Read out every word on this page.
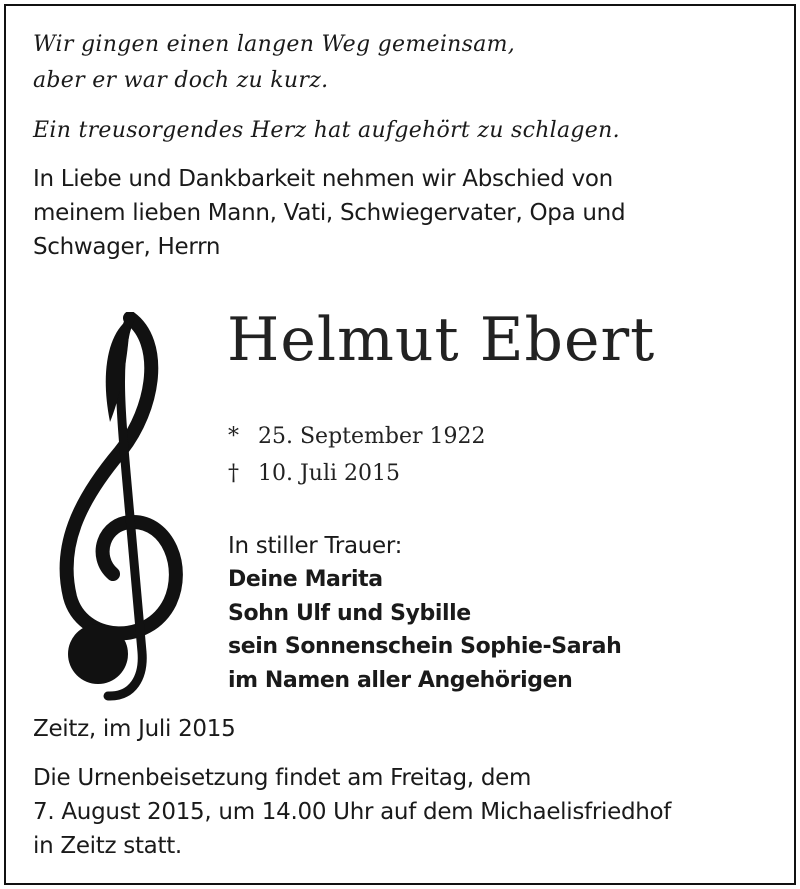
Wir gingen einen langen Weg gemeinsam,

aber er war doch zu kurz.

Ein treusorgendes Herz hat aufgehört zu schlagen.

In Liebe und Dankbarkeit nehmen wir Abschied von

meinem lieben Mann, Vati, Schwiegervater, Opa und

Schwager, Herrn

Helmut Ebert

* 25. September 1922

† 10. Juli 2015

In stiller Trauer:

Deine Marita

Sohn Ulf und Sybille

sein Sonnenschein Sophie-Sarah

im Namen aller Angehörigen

Zeitz, im Juli 2015

Die Urnenbeisetzung findet am Freitag, dem

7. August 2015, um 14.00 Uhr auf dem Michaelisfriedhof

in Zeitz statt.
